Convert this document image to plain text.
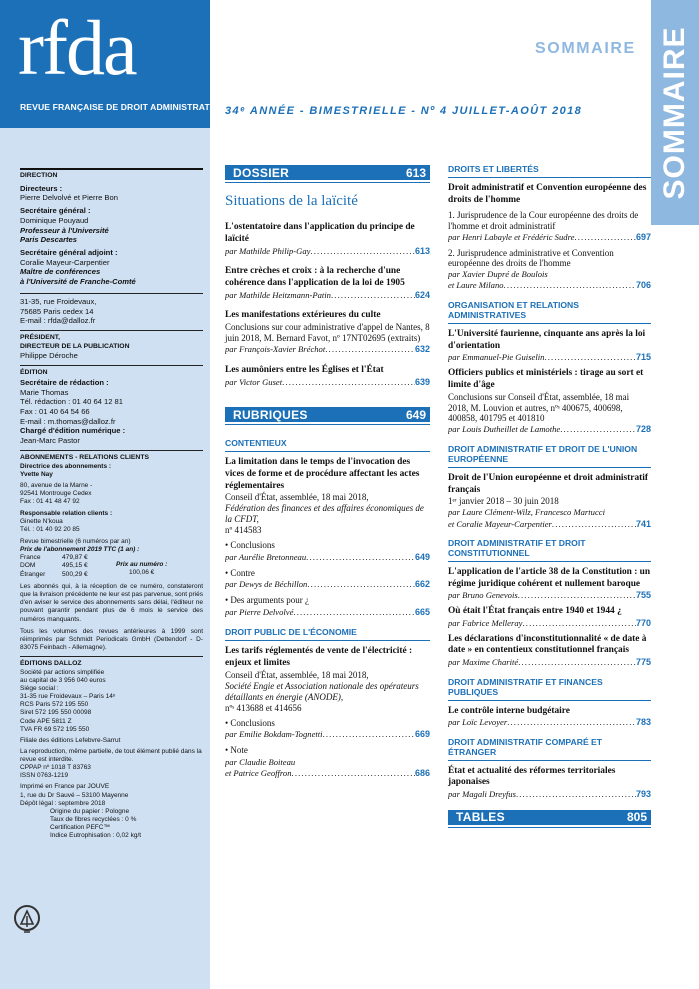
rfda
REVUE FRANÇAISE DE DROIT ADMINISTRATIF
SOMMAIRE
34ᵉ ANNÉE - BIMESTRIELLE - Nº 4 JUILLET-AOÛT 2018	SOMMAIRE
DIRECTION
Directeurs :
Pierre Delvolvé et Pierre Bon
Secrétaire général :
Dominique Pouyaud
Professeur à l'Université
Paris Descartes
Secrétaire général adjoint :
Coralie Mayeur-Carpentier
Maître de conférences
à l'Université de Franche-Comté
31-35, rue Froidevaux,
75685 Paris cedex 14
E-mail : rfda@dalloz.fr
PRÉSIDENT,
DIRECTEUR DE LA PUBLICATION
Philippe Déroche
ÉDITION
Secrétaire de rédaction :
Marie Thomas
Tél. rédaction : 01 40 64 12 81
Fax : 01 40 64 54 66
E-mail : m.thomas@dalloz.fr
Chargé d'édition numérique :
Jean-Marc Pastor
ABONNEMENTS - RELATIONS CLIENTS
Directrice des abonnements :
Yvette Nay
80, avenue de la Marne -
92541 Montrouge Cedex
Fax : 01 41 48 47 92
Responsable relation clients :
Ginette N'koua
Tél. : 01 40 92 20 85
Revue bimestrielle (6 numéros par an)
Prix de l'abonnement 2019 TTC (1 an) :
France	479,87 €
DOM	495,15 €
Étranger	500,29 €
Prix au numéro :
100,06 €
Les abonnés qui, à la réception de ce numéro, constateront que la livraison précédente ne leur est pas parvenue, sont priés d'en aviser le service des abonnements sans délai, l'éditeur ne pouvant garantir pendant plus de 6 mois le service des numéros manquants.
Tous les volumes des revues antérieures à 1999 sont réimprimés par Schmidt Periodicals GmbH (Dettendorf - D-83075 Feinbach - Allemagne).
ÉDITIONS DALLOZ
Société par actions simplifiée
au capital de 3 956 040 euros
Siège social :
31-35 rue Froidevaux – Paris 14ᵉ
RCS Paris 572 195 550
Siret 572 195 550 00098
Code APE 5811 Z
TVA FR 69 572 195 550
Filiale des éditions Lefebvre-Sarrut
La reproduction, même partielle, de tout élément publié dans la revue est interdite.
CPPAP nº 1018 T 83763
ISSN 0763-1219
Imprimé en France par JOUVE
1, rue du Dr Sauvé – 53100 Mayenne
Dépôt légal : septembre 2018
Origine du papier : Pologne
Taux de fibres recyclées : 0 %
Certification PEFC™
Indice Eutrophisation : 0,02 kg/t
DOSSIER	613
Situations de la laïcité
L'ostentatoire dans l'application du principe de laïcité
par Mathilde Philip-Gay . . .	613
Entre crèches et croix : à la recherche d'une cohérence dans l'application de la loi de 1905
par Mathilde Heitzmann-Patin . . .	624
Les manifestations extérieures du culte
Conclusions sur cour administrative d'appel de Nantes, 8 juin 2018, M. Bernard Favot, nº 17NT02695 (extraits)
par François-Xavier Bréchot . . .	632
Les aumôniers entre les Églises et l'État
par Victor Guset . . .	639
RUBRIQUES	649
CONTENTIEUX
La limitation dans le temps de l'invocation des vices de forme et de procédure affectant les actes réglementaires
Conseil d'État, assemblée, 18 mai 2018,
Fédération des finances et des affaires économiques de la CFDT,
nº 414583
• Conclusions
par Aurélie Bretonneau . . .	649
• Contre
par Dewys de Béchillon . . .	662
• Des arguments pour ¿
par Pierre Delvolvé . . .	665
DROIT PUBLIC DE L'ÉCONOMIE
Les tarifs réglementés de vente de l'électricité : enjeux et limites
Conseil d'État, assemblée, 18 mai 2018,
Société Engie et Association nationale des opérateurs détaillants en énergie (ANODE),
nºˢ 413688 et 414656
• Conclusions
par Emilie Bokdam-Tognetti . . .	669
• Note
par Claudie Boiteau
et Patrice Geoffron . . .	686
DROITS ET LIBERTÉS
Droit administratif et Convention européenne des droits de l'homme
1. Jurisprudence de la Cour européenne des droits de l'homme et droit administratif
par Henri Labayle et Frédéric Sudre . . .	697
2. Jurisprudence administrative et Convention européenne des droits de l'homme
par Xavier Dupré de Boulois
et Laure Milano . . .	706
ORGANISATION ET RELATIONS ADMINISTRATIVES
L'Université faurienne, cinquante ans après la loi d'orientation
par Emmanuel-Pie Guiselin . . .	715
Officiers publics et ministériels : tirage au sort et limite d'âge
Conclusions sur Conseil d'État, assemblée, 18 mai 2018, M. Louvion et autres, nºˢ 400675, 400698, 400858, 401795 et 401810
par Louis Dutheillet de Lamothe . . .	728
DROIT ADMINISTRATIF ET DROIT DE L'UNION EUROPÉENNE
Droit de l'Union européenne et droit administratif français
1ᵉʳ janvier 2018 – 30 juin 2018
par Laure Clément-Wilz, Francesco Martucci
et Coralie Mayeur-Carpentier . . .	741
DROIT ADMINISTRATIF ET DROIT CONSTITUTIONNEL
L'application de l'article 38 de la Constitution : un régime juridique cohérent et nullement baroque
par Bruno Genevois . . .	755
Où était l'État français entre 1940 et 1944 ¿
par Fabrice Melleray . . .	770
Les déclarations d'inconstitutionnalité « de date à date » en contentieux constitutionnel français
par Maxime Charité . . .	775
DROIT ADMINISTRATIF ET FINANCES PUBLIQUES
Le contrôle interne budgétaire
par Loïc Levoyer . . .	783
DROIT ADMINISTRATIF COMPARÉ ET ÉTRANGER
État et actualité des réformes territoriales japonaises
par Magali Dreyfus . . .	793
TABLES	805
